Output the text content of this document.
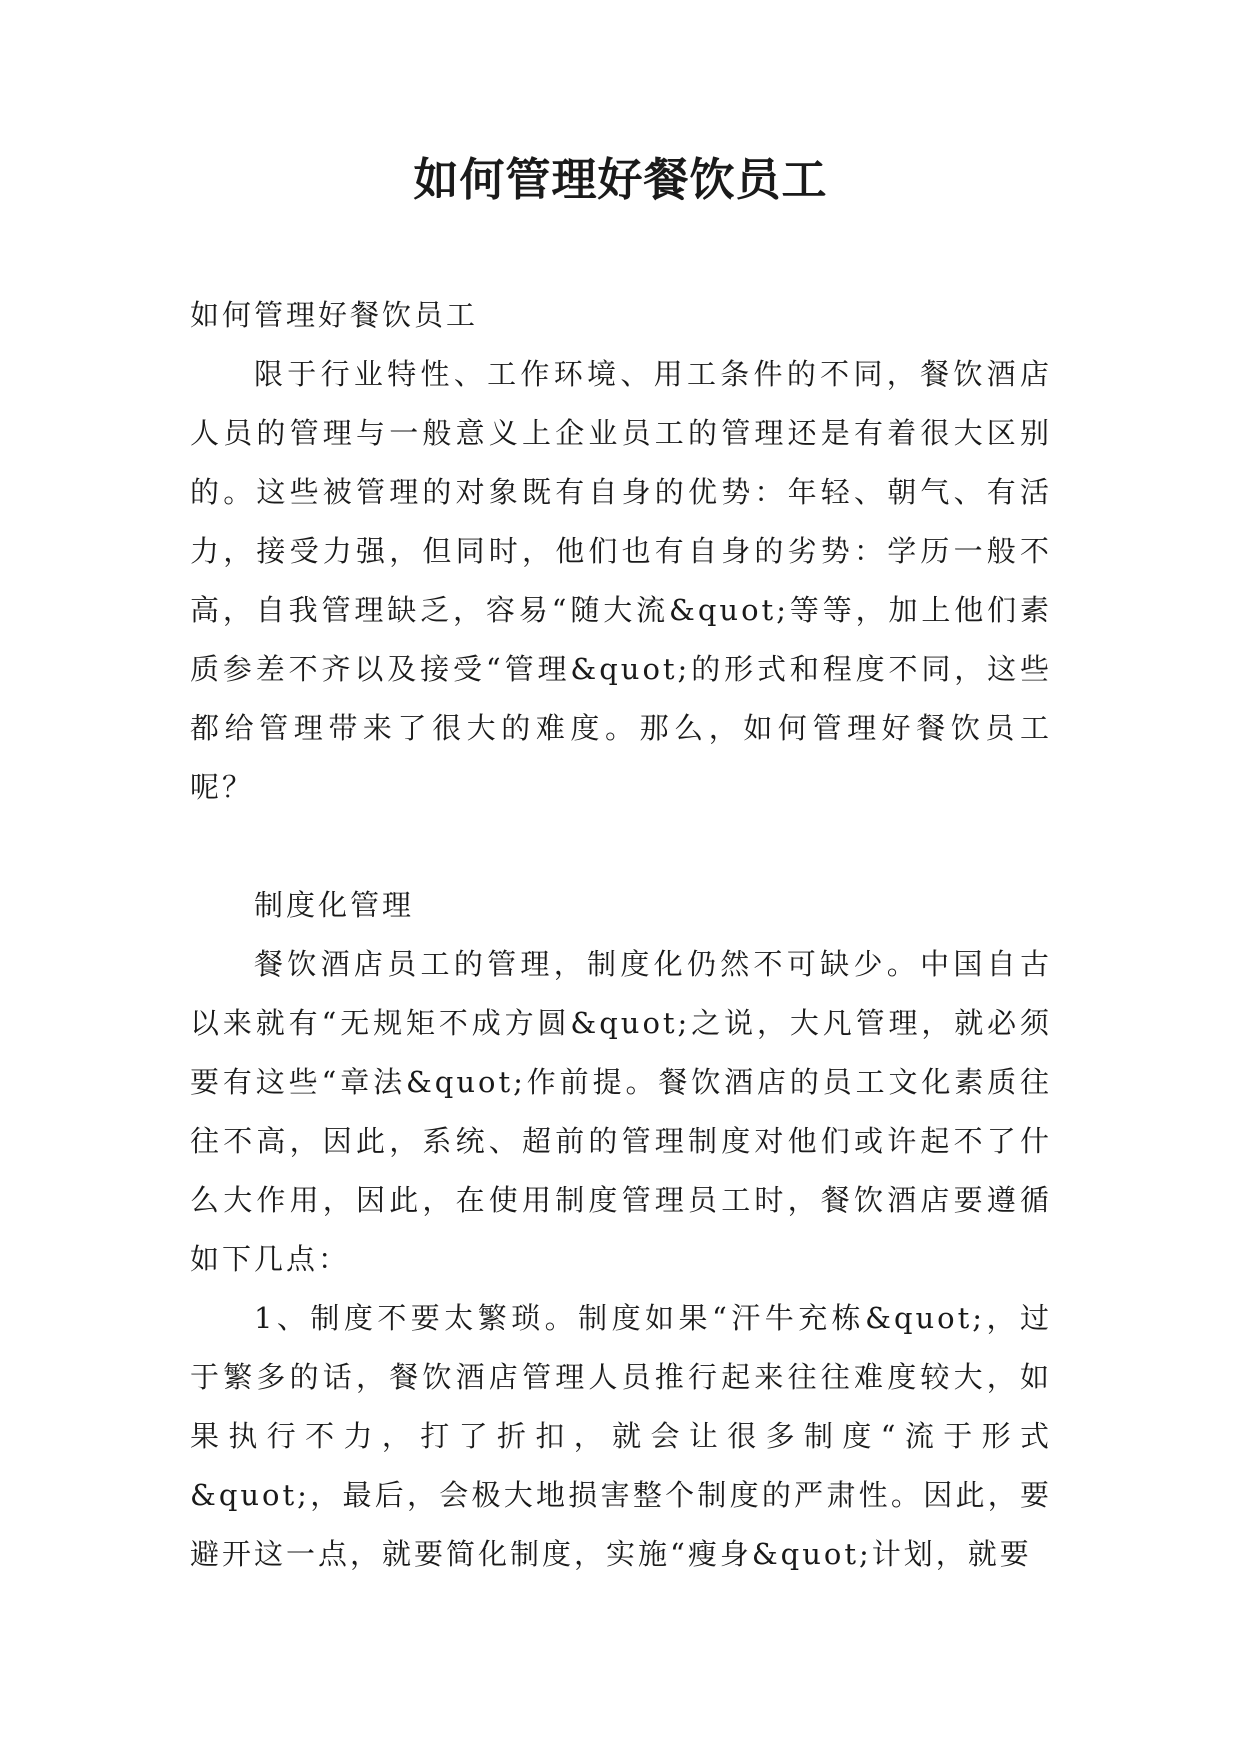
如何管理好餐饮员工

如何管理好餐饮员工

限于行业特性、工作环境、用工条件的不同，餐饮酒店人员的管理与一般意义上企业员工的管理还是有着很大区别的。这些被管理的对象既有自身的优势：年轻、朝气、有活力，接受力强，但同时，他们也有自身的劣势：学历一般不高，自我管理缺乏，容易“随大流&quot;等等，加上他们素质参差不齐以及接受“管理&quot;的形式和程度不同，这些都给管理带来了很大的难度。那么，如何管理好餐饮员工呢？

制度化管理

餐饮酒店员工的管理，制度化仍然不可缺少。中国自古以来就有“无规矩不成方圆&quot;之说，大凡管理，就必须要有这些“章法&quot;作前提。餐饮酒店的员工文化素质往往不高，因此，系统、超前的管理制度对他们或许起不了什么大作用，因此，在使用制度管理员工时，餐饮酒店要遵循如下几点：

1、制度不要太繁琐。制度如果“汗牛充栋&quot;，过于繁多的话，餐饮酒店管理人员推行起来往往难度较大，如果执行不力，打了折扣，就会让很多制度“流于形式&quot;，最后，会极大地损害整个制度的严肃性。因此，要避开这一点，就要简化制度，实施“瘦身&quot;计划，就要
